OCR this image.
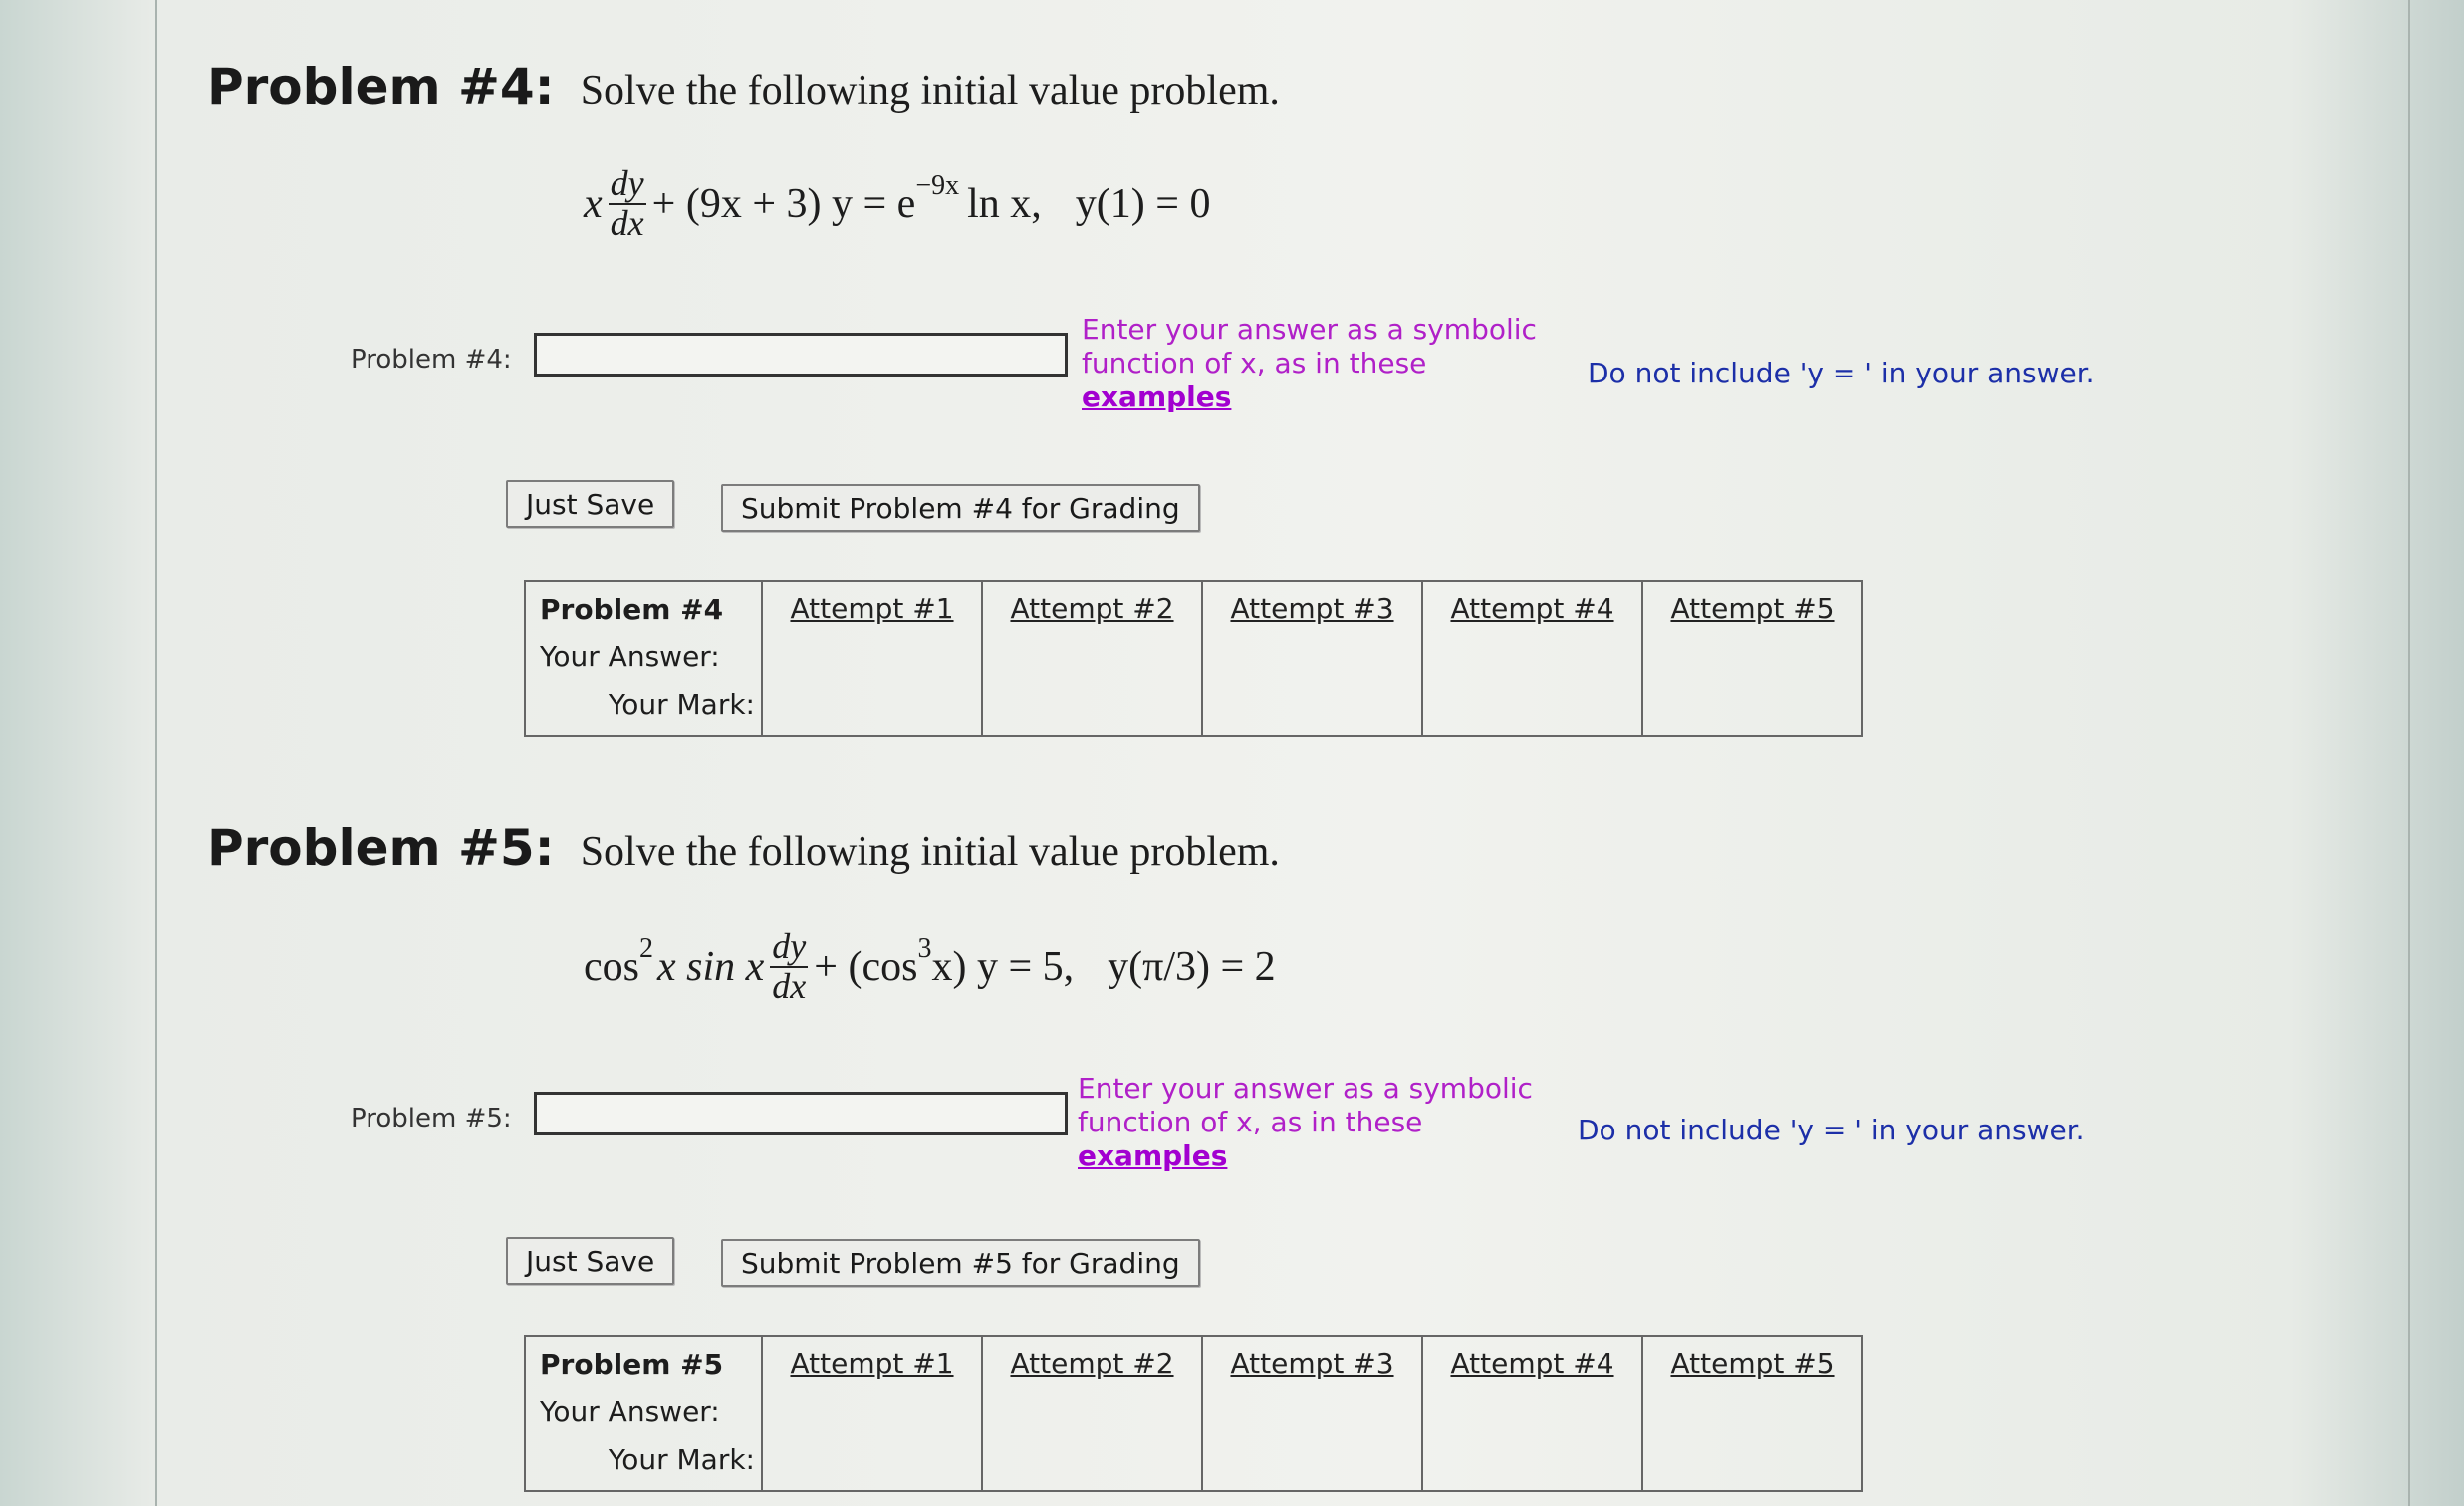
Problem #4: Solve the following initial value problem.
x $\frac{dy}{dx} + (9x + 3) y = e -9x$ ln x, y(1) = 0
Problem #4:
Enter your answer as a symbolic function of x, as in these
examples
Do not include 'y = ' in your answer.
Just Save	Submit Problem #4 for Grading
Problem #4
Your Answer:
Your Mark:
	Attempt #1	Attempt #2	Attempt #3	Attempt #4	Attempt #5
Problem #5: Solve the following initial value problem.
cos 2 x sin x $\frac{dy}{dx} + (\cos$ 3 x) y = 5, y(π/3) = 2
Problem #5:
Enter your answer as a symbolic function of x, as in these
examples
Do not include 'y = ' in your answer.
Just Save	Submit Problem #5 for Grading
Problem #5
Your Answer:
Your Mark:
	Attempt #1	Attempt #2	Attempt #3	Attempt #4	Attempt #5
